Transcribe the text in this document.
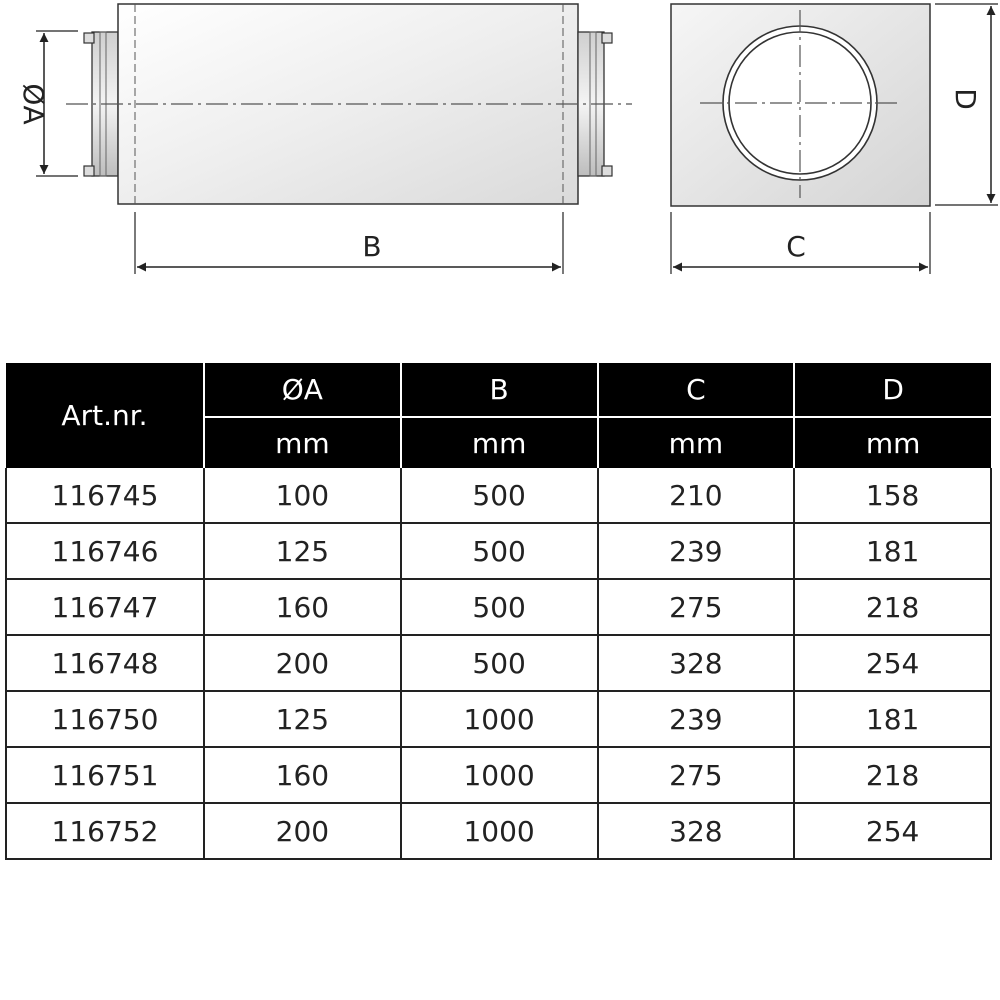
ØA
B
D
C
Art.nr.	ØA	B	C	D
	mm	mm	mm	mm
116745	100	500	210	158
116746	125	500	239	181
116747	160	500	275	218
116748	200	500	328	254
116750	125	1000	239	181
116751	160	1000	275	218
116752	200	1000	328	254
